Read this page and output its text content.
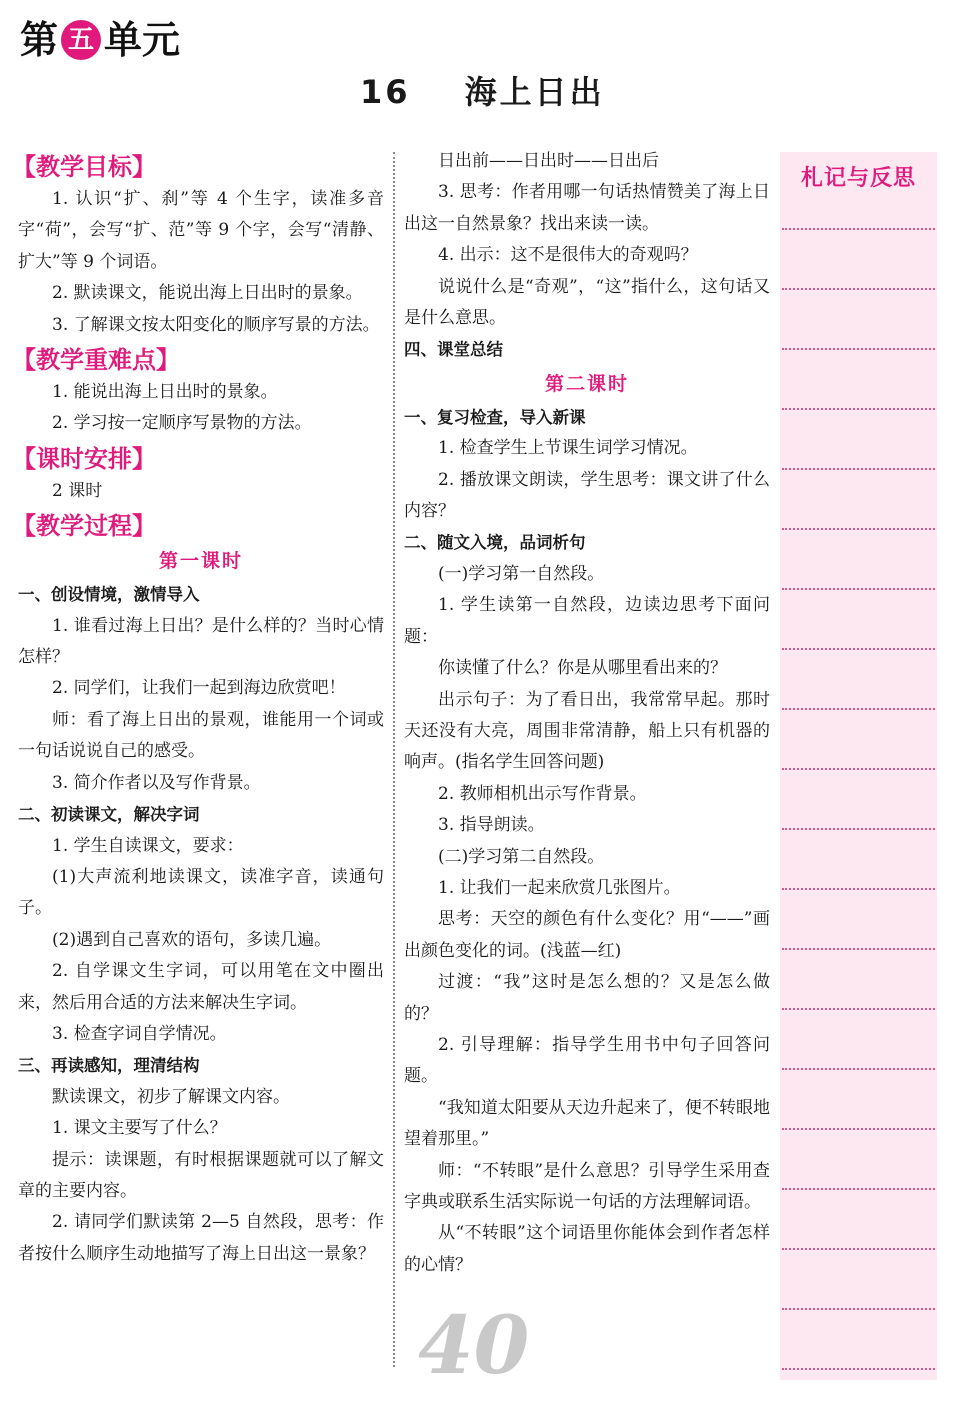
第 五 单元
16 海上日出
【教学目标】

1. 认识“扩、刹”等 4 个生字，读准多音字“荷”，会写“扩、范”等 9 个字，会写“清静、扩大”等 9 个词语。

2. 默读课文，能说出海上日出时的景象。

3. 了解课文按太阳变化的顺序写景的方法。

【教学重难点】

1. 能说出海上日出时的景象。

2. 学习按一定顺序写景物的方法。

【课时安排】

2 课时

【教学过程】
第一课时
一、创设情境，激情导入

1. 谁看过海上日出？是什么样的？当时心情怎样？

2. 同学们，让我们一起到海边欣赏吧！

师：看了海上日出的景观，谁能用一个词或一句话说说自己的感受。

3. 简介作者以及写作背景。

二、初读课文，解决字词

1. 学生自读课文，要求：

(1)大声流利地读课文，读准字音，读通句子。

(2)遇到自己喜欢的语句，多读几遍。

2. 自学课文生字词，可以用笔在文中圈出来，然后用合适的方法来解决生字词。

3. 检查字词自学情况。

三、再读感知，理清结构

默读课文，初步了解课文内容。

1. 课文主要写了什么？

提示：读课题，有时根据课题就可以了解文章的主要内容。

2. 请同学们默读第 2—5 自然段，思考：作者按什么顺序生动地描写了海上日出这一景象？

日出前——日出时——日出后

3. 思考：作者用哪一句话热情赞美了海上日出这一自然景象？找出来读一读。

4. 出示：这不是很伟大的奇观吗？

说说什么是“奇观”，“这”指什么，这句话又是什么意思。

四、课堂总结
第二课时
一、复习检查，导入新课

1. 检查学生上节课生词学习情况。

2. 播放课文朗读，学生思考：课文讲了什么内容？

二、随文入境，品词析句

(一)学习第一自然段。

1. 学生读第一自然段，边读边思考下面问题：

你读懂了什么？你是从哪里看出来的？

出示句子：为了看日出，我常常早起。那时天还没有大亮，周围非常清静，船上只有机器的响声。(指名学生回答问题)

2. 教师相机出示写作背景。

3. 指导朗读。

(二)学习第二自然段。

1. 让我们一起来欣赏几张图片。

思考：天空的颜色有什么变化？用“——”画出颜色变化的词。(浅蓝—红)

过渡：“我”这时是怎么想的？又是怎么做的？

2. 引导理解：指导学生用书中句子回答问题。

“我知道太阳要从天边升起来了，便不转眼地望着那里。”

师：“不转眼”是什么意思？引导学生采用查字典或联系生活实际说一句话的方法理解词语。

从“不转眼”这个词语里你能体会到作者怎样的心情？

札记与反思
40
